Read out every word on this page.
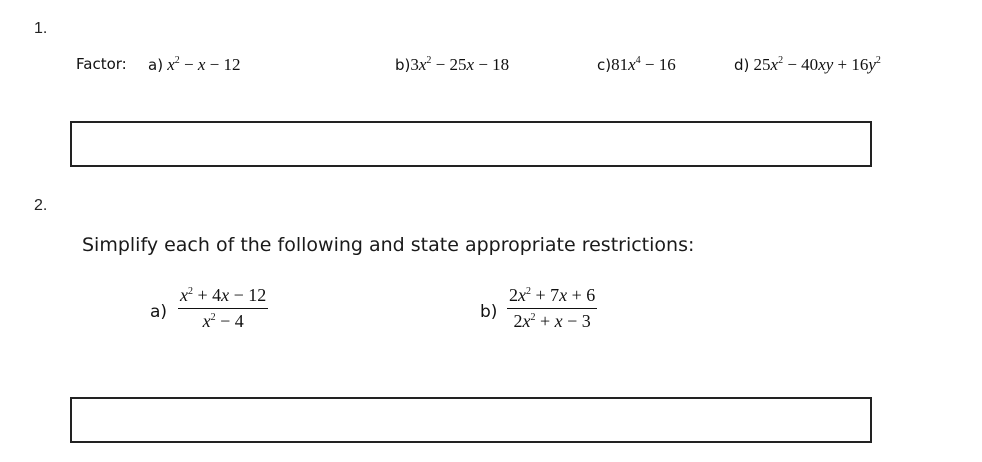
1.
Factor: a) $x^2 - x - 12$	$b)3x^2 - 25x - 18$	$c)81x^4 - 16$	d) $25x^2 - 40xy + 16y^2$
2.
Simplify each of the following and state appropriate restrictions:
a)
$x^2 + 4x - 12$
$x^2 - 4$	b)
$2x^2 + 7x + 6$
$2x^2 + x - 3$
